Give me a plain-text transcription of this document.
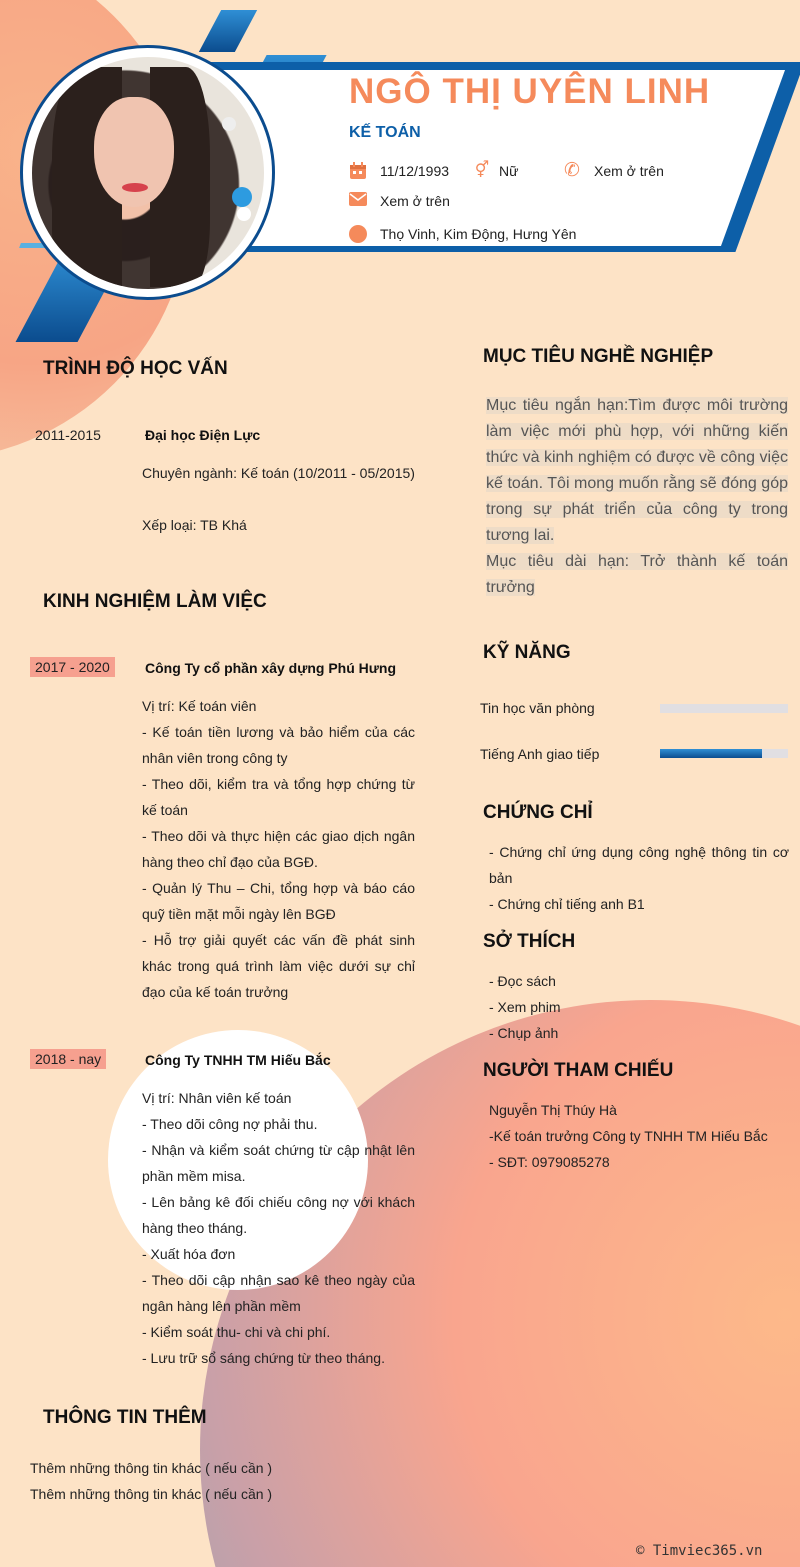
NGÔ THỊ UYÊN LINH
KẾ TOÁN
11/12/1993 ⚥ Nữ ✆ Xem ở trên
Xem ở trên
➤ Thọ Vinh, Kim Động, Hưng Yên
TRÌNH ĐỘ HỌC VẤN
2011-2015	Đại học Điện Lực
Chuyên ngành: Kế toán (10/2011 - 05/2015)
Xếp loại: TB Khá
KINH NGHIỆM LÀM VIỆC
2017 - 2020	Công Ty cổ phần xây dựng Phú Hưng
Vị trí: Kế toán viên
- Kế toán tiền lương và bảo hiểm của các nhân viên trong công ty
- Theo dõi, kiểm tra và tổng hợp chứng từ kế toán
- Theo dõi và thực hiện các giao dịch ngân hàng theo chỉ đạo của BGĐ.
- Quản lý Thu – Chi, tổng hợp và báo cáo quỹ tiền mặt mỗi ngày lên BGĐ
- Hỗ trợ giải quyết các vấn đề phát sinh khác trong quá trình làm việc dưới sự chỉ đạo của kế toán trưởng
2018 - nay	Công Ty TNHH TM Hiếu Bắc
Vị trí: Nhân viên kế toán
- Theo dõi công nợ phải thu.
- Nhận và kiểm soát chứng từ cập nhật lên phần mềm misa.
- Lên bảng kê đối chiếu công nợ với khách hàng theo tháng.
- Xuất hóa đơn
- Theo dõi cập nhận sao kê theo ngày của ngân hàng lên phần mềm
- Kiểm soát thu- chi và chi phí.
- Lưu trữ sổ sáng chứng từ theo tháng.
THÔNG TIN THÊM
Thêm những thông tin khác ( nếu cần )
Thêm những thông tin khác ( nếu cần )
MỤC TIÊU NGHỀ NGHIỆP
Mục tiêu ngắn hạn:Tìm được môi trường làm việc mới phù hợp, với những kiến thức và kinh nghiệm có được về công việc kế toán. Tôi mong muốn rằng sẽ đóng góp trong sự phát triển của công ty trong tương lai.
Mục tiêu dài hạn: Trở thành kế toán trưởng
KỸ NĂNG
Tin học văn phòng
Tiếng Anh giao tiếp
CHỨNG CHỈ
- Chứng chỉ ứng dụng công nghệ thông tin cơ bản
- Chứng chỉ tiếng anh B1
SỞ THÍCH
- Đọc sách
- Xem phim
- Chụp ảnh
NGƯỜI THAM CHIẾU
Nguyễn Thị Thúy Hà
-Kế toán trưởng Công ty TNHH TM Hiếu Bắc
- SĐT: 0979085278
© Timviec365.vn
